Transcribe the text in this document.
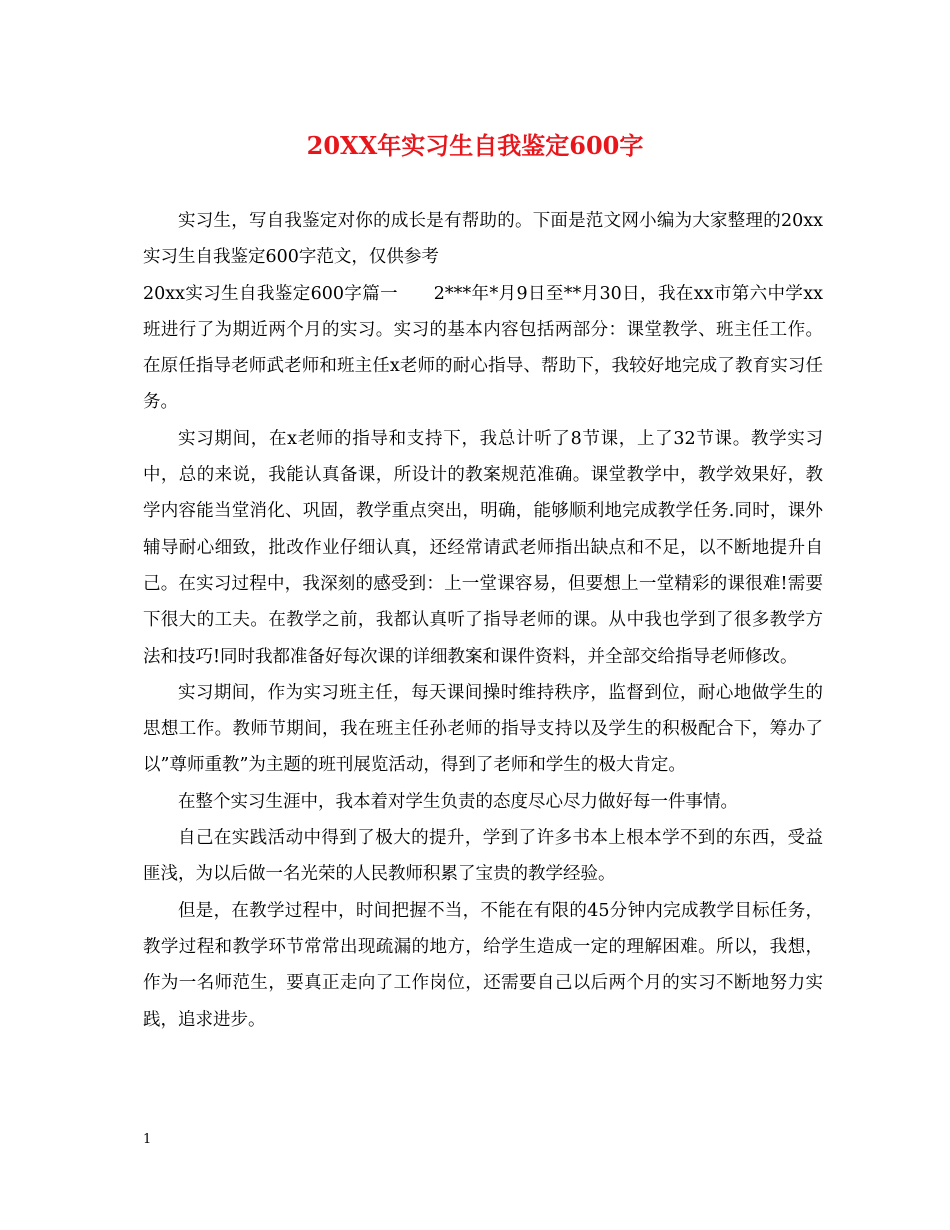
20XX年实习生自我鉴定600字

实习生，写自我鉴定对你的成长是有帮助的。下面是范文网小编为大家整理的20xx实习生自我鉴定600字范文，仅供参考

20xx实习生自我鉴定600字篇一　　2***年*月9日至**月30日，我在xx市第六中学xx班进行了为期近两个月的实习。实习的基本内容包括两部分：课堂教学、班主任工作。在原任指导老师武老师和班主任x老师的耐心指导、帮助下，我较好地完成了教育实习任务。

实习期间，在x老师的指导和支持下，我总计听了8节课，上了32节课。教学实习中，总的来说，我能认真备课，所设计的教案规范准确。课堂教学中，教学效果好，教学内容能当堂消化、巩固，教学重点突出，明确，能够顺利地完成教学任务.同时，课外辅导耐心细致，批改作业仔细认真，还经常请武老师指出缺点和不足，以不断地提升自己。在实习过程中，我深刻的感受到：上一堂课容易，但要想上一堂精彩的课很难!需要下很大的工夫。在教学之前，我都认真听了指导老师的课。从中我也学到了很多教学方法和技巧!同时我都准备好每次课的详细教案和课件资料，并全部交给指导老师修改。

实习期间，作为实习班主任，每天课间操时维持秩序，监督到位，耐心地做学生的思想工作。教师节期间，我在班主任孙老师的指导支持以及学生的积极配合下，筹办了以”尊师重教”为主题的班刊展览活动，得到了老师和学生的极大肯定。

在整个实习生涯中，我本着对学生负责的态度尽心尽力做好每一件事情。

自己在实践活动中得到了极大的提升，学到了许多书本上根本学不到的东西，受益匪浅，为以后做一名光荣的人民教师积累了宝贵的教学经验。

但是，在教学过程中，时间把握不当，不能在有限的45分钟内完成教学目标任务，教学过程和教学环节常常出现疏漏的地方，给学生造成一定的理解困难。所以，我想，作为一名师范生，要真正走向了工作岗位，还需要自己以后两个月的实习不断地努力实践，追求进步。

1
